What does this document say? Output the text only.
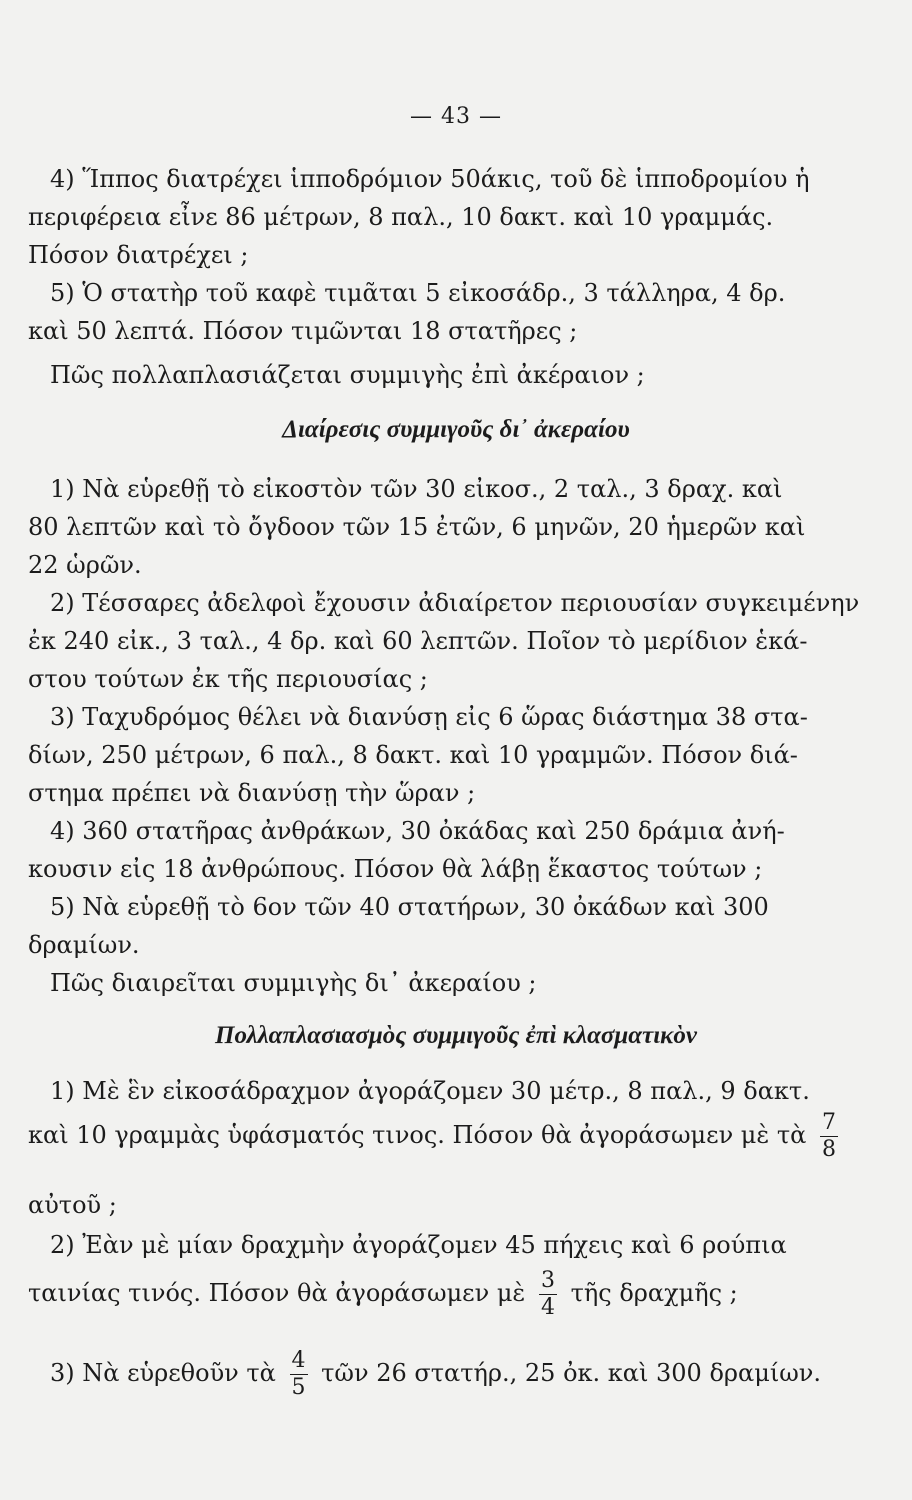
— 43 —
4) Ἵππος διατρέχει ἱπποδρόμιον 50άκις, τοῦ δὲ ἱπποδρομίου ἡ
περιφέρεια εἶνε 86 μέτρων, 8 παλ., 10 δακτ. καὶ 10 γραμμάς.
Πόσον διατρέχει ;
5) Ὁ στατὴρ τοῦ καφὲ τιμᾶται 5 εἰκοσάδρ., 3 τάλληρα, 4 δρ.
καὶ 50 λεπτά. Πόσον τιμῶνται 18 στατῆρες ;
Πῶς πολλαπλασιάζεται συμμιγὴς ἐπὶ ἀκέραιον ;
Διαίρεσις συμμιγοῦς δι᾽ ἀκεραίου
1) Νὰ εὑρεθῇ τὸ εἰκοστὸν τῶν 30 εἰκοσ., 2 ταλ., 3 δραχ. καὶ
80 λεπτῶν καὶ τὸ ὄγδοον τῶν 15 ἐτῶν, 6 μηνῶν, 20 ἡμερῶν καὶ
22 ὡρῶν.
2) Τέσσαρες ἀδελφοὶ ἔχουσιν ἀδιαίρετον περιουσίαν συγκειμένην
ἐκ 240 εἰκ., 3 ταλ., 4 δρ. καὶ 60 λεπτῶν. Ποῖον τὸ μερίδιον ἑκά-
στου τούτων ἐκ τῆς περιουσίας ;
3) Ταχυδρόμος θέλει νὰ διανύσῃ εἰς 6 ὥρας διάστημα 38 στα-
δίων, 250 μέτρων, 6 παλ., 8 δακτ. καὶ 10 γραμμῶν. Πόσον διά-
στημα πρέπει νὰ διανύσῃ τὴν ὥραν ;
4) 360 στατῆρας ἀνθράκων, 30 ὀκάδας καὶ 250 δράμια ἀνή-
κουσιν εἰς 18 ἀνθρώπους. Πόσον θὰ λάβῃ ἕκαστος τούτων ;
5) Νὰ εὑρεθῇ τὸ 6ον τῶν 40 στατήρων, 30 ὀκάδων καὶ 300
δραμίων.
Πῶς διαιρεῖται συμμιγὴς δι᾽ ἀκεραίου ;
Πολλαπλασιασμὸς συμμιγοῦς ἐπὶ κλασματικὸν
1) Μὲ ἓν εἰκοσάδραχμον ἀγοράζομεν 30 μέτρ., 8 παλ., 9 δακτ.
καὶ 10 γραμμὰς ὑφάσματός τινος. Πόσον θὰ ἀγοράσωμεν μὲ τὰ $\frac{7}{8}$
αὐτοῦ ;
2) Ἐὰν μὲ μίαν δραχμὴν ἀγοράζομεν 45 πήχεις καὶ 6 ρούπια
ταινίας τινός. Πόσον θὰ ἀγοράσωμεν μὲ $\frac{3}{4}$ τῆς δραχμῆς ;
3) Νὰ εὑρεθοῦν τὰ $\frac{4}{5}$ τῶν 26 στατήρ., 25 ὀκ. καὶ 300 δραμίων.
